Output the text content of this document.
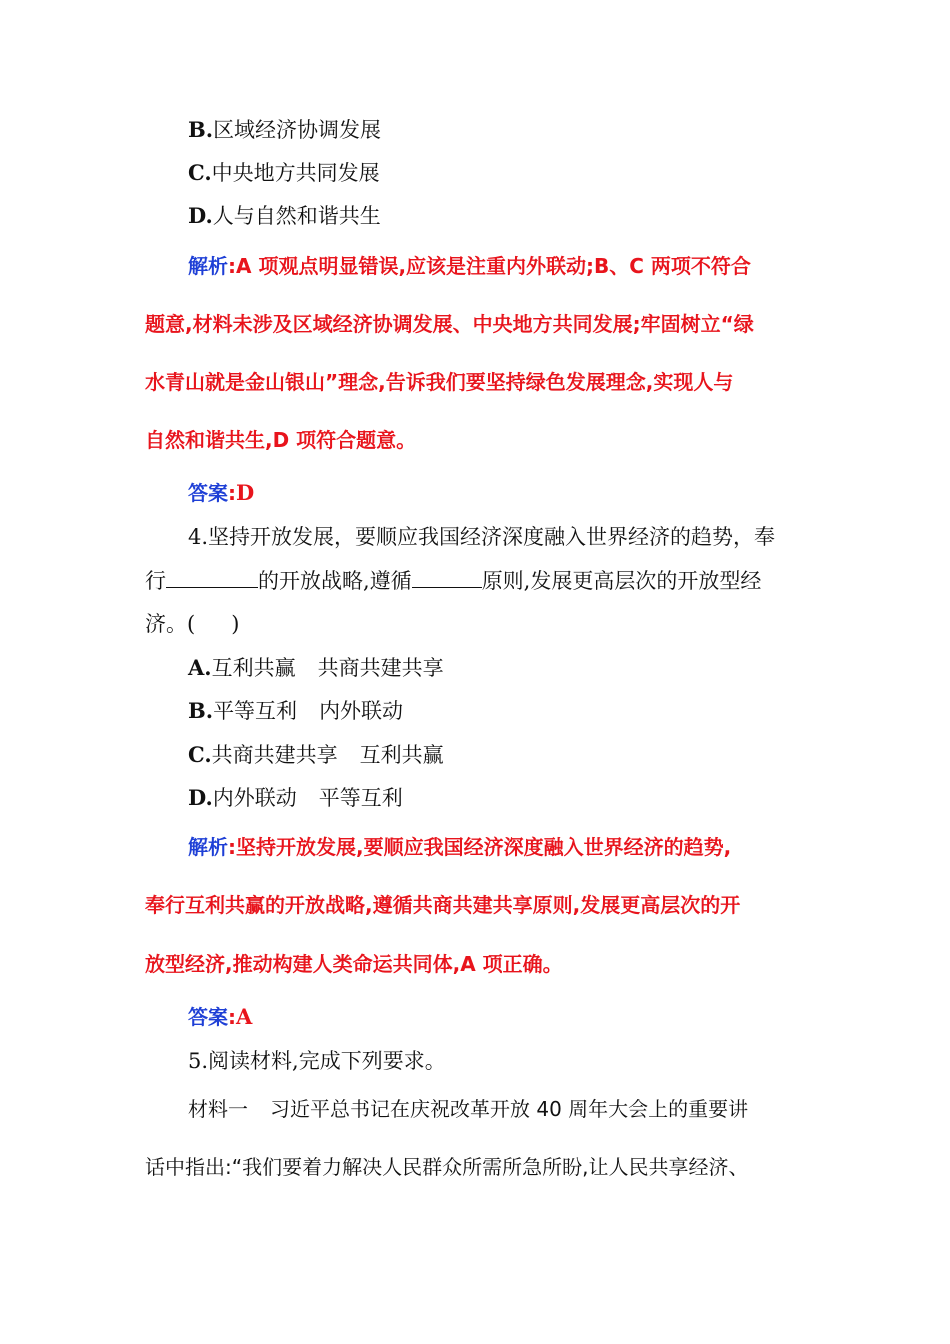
B.区域经济协调发展
C.中央地方共同发展
D.人与自然和谐共生
解析:A 项观点明显错误,应该是注重内外联动;B、C 两项不符合
题意,材料未涉及区域经济协调发展、中央地方共同发展;牢固树立“绿
水青山就是金山银山”理念,告诉我们要坚持绿色发展理念,实现人与
自然和谐共生,D 项符合题意。
答案:D
4.坚持开放发展，要顺应我国经济深度融入世界经济的趋势，奉
行	的开放战略,遵循	原则,发展更高层次的开放型经
济。( )
A.互利共赢 共商共建共享
B.平等互利 内外联动
C.共商共建共享 互利共赢
D.内外联动 平等互利
解析:坚持开放发展,要顺应我国经济深度融入世界经济的趋势,
奉行互利共赢的开放战略,遵循共商共建共享原则,发展更高层次的开
放型经济,推动构建人类命运共同体,A 项正确。
答案:A
5.阅读材料,完成下列要求。
材料一 习近平总书记在庆祝改革开放 40 周年大会上的重要讲
话中指出:“我们要着力解决人民群众所需所急所盼,让人民共享经济、
